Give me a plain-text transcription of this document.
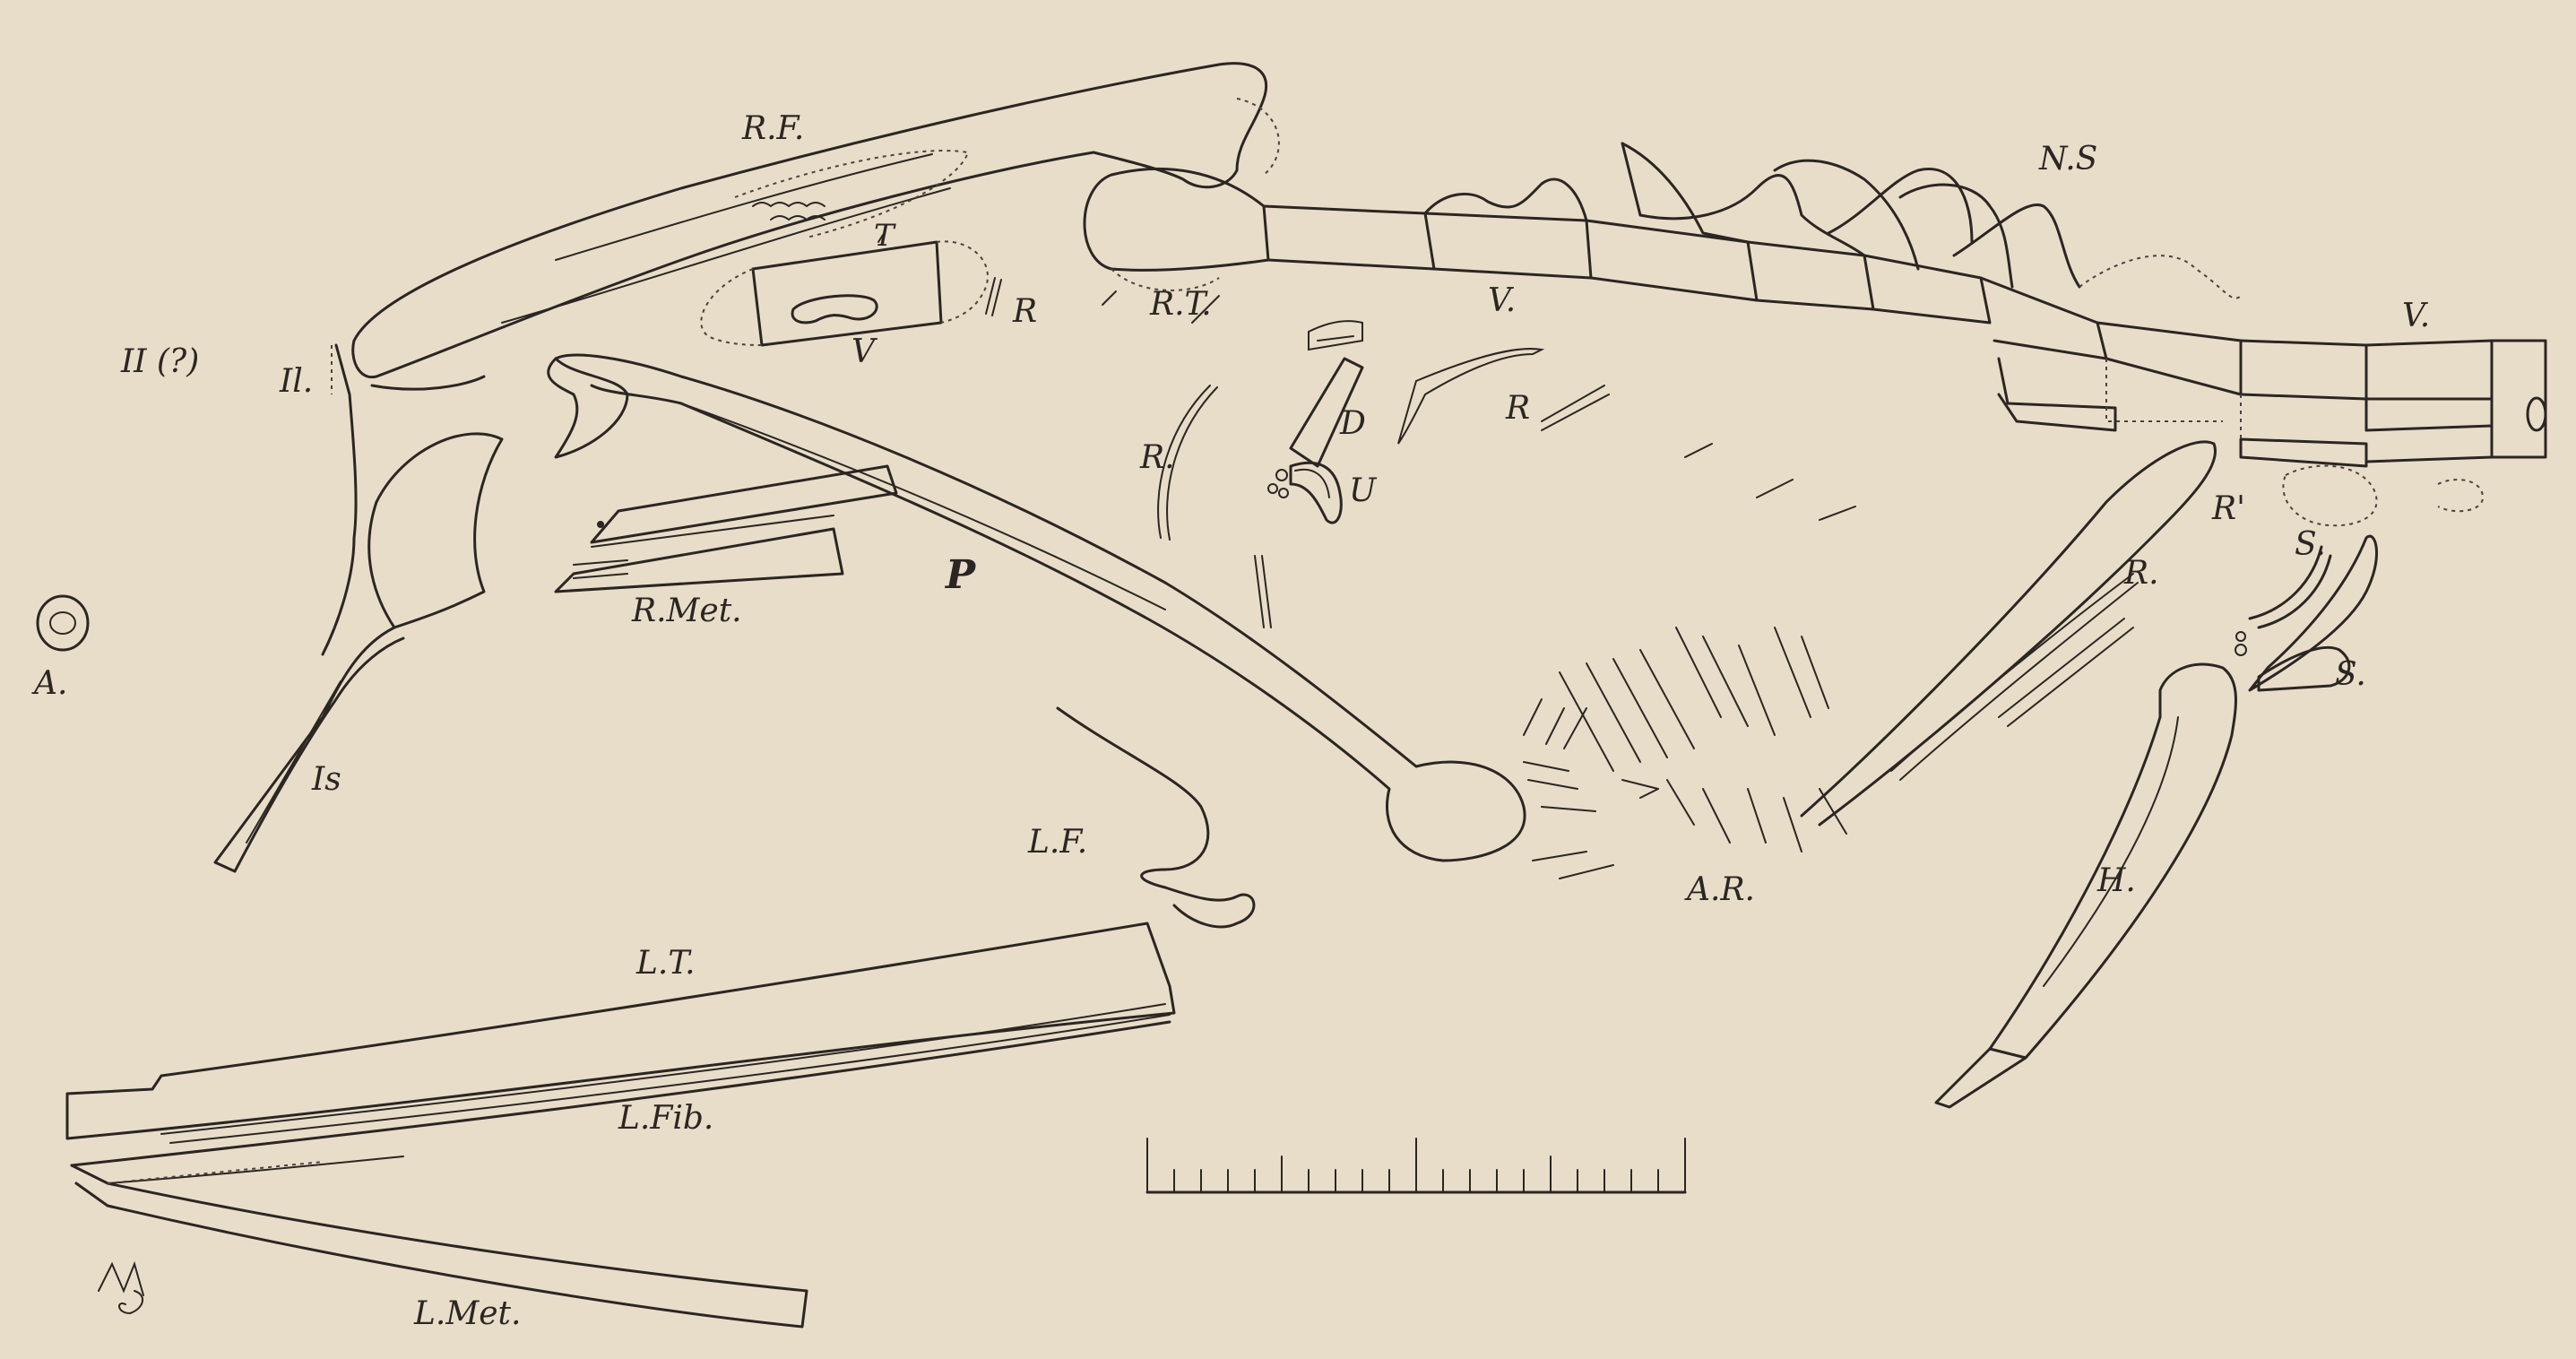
R.F.
N.S
II (?)
Il.
T
V
R	R.T.	V.
D
U
R.
R
V.
R'
S.
R.
S.
A.
R.Met.
P
Is
L.F.
A.R.	H.
L.T.
L.Fib.
L.Met.
